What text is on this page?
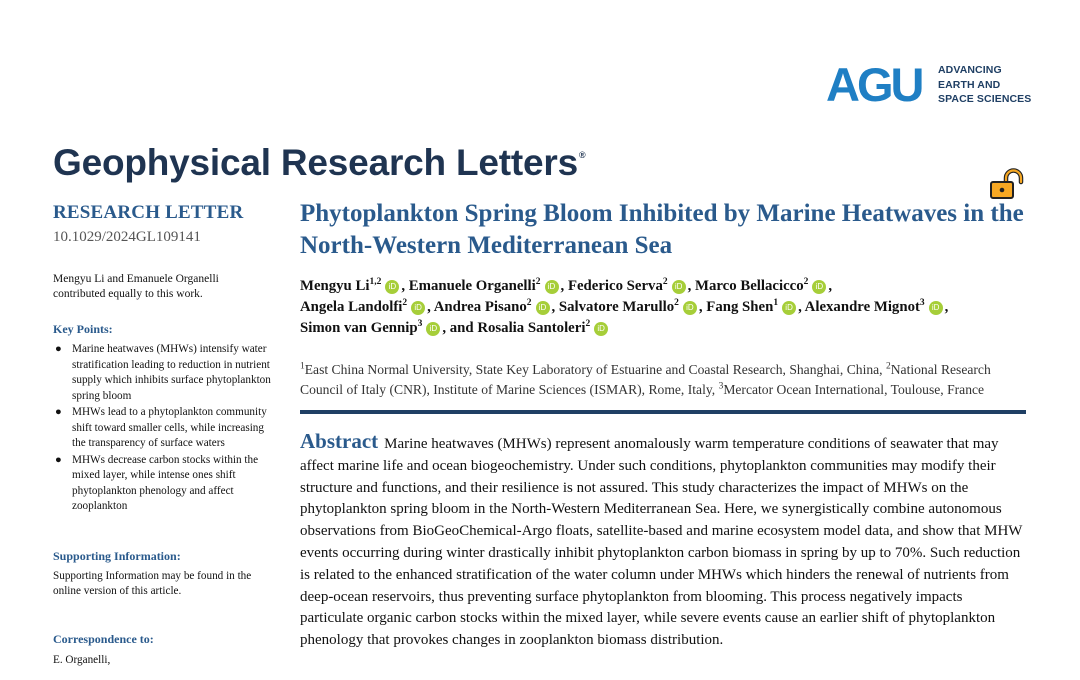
AGU ADVANCING
EARTH AND
SPACE SCIENCES
Geophysical Research Letters®
RESEARCH LETTER
10.1029/2024GL109141
Mengyu Li and Emanuele Organelli contributed equally to this work.
Key Points:
● Marine heatwaves (MHWs) intensify water stratification leading to reduction in nutrient supply which inhibits surface phytoplankton spring bloom
● MHWs lead to a phytoplankton community shift toward smaller cells, while increasing the transparency of surface waters
● MHWs decrease carbon stocks within the mixed layer, while intense ones shift phytoplankton phenology and affect zooplankton
Supporting Information:
Supporting Information may be found in the online version of this article.
Correspondence to:
E. Organelli,
Phytoplankton Spring Bloom Inhibited by Marine Heatwaves in the North-Western Mediterranean Sea
Mengyu Li$^{1,2}$ iD , Emanuele Organelli$^2$ iD , Federico Serva$^2$ iD , Marco Bellacicco$^2$ iD ,
Angela Landolfi$^2$ iD , Andrea Pisano$^2$ iD , Salvatore Marullo$^2$ iD , Fang Shen$^1$ iD , Alexandre Mignot$^3$ iD ,
Simon van Gennip$^3$ iD , and Rosalia Santoleri$^2$ iD
$^1$East China Normal University, State Key Laboratory of Estuarine and Coastal Research, Shanghai, China, $^2$National Research Council of Italy (CNR), Institute of Marine Sciences (ISMAR), Rome, Italy, $^3$Mercator Ocean International, Toulouse, France
Abstract Marine heatwaves (MHWs) represent anomalously warm temperature conditions of seawater that may affect marine life and ocean biogeochemistry. Under such conditions, phytoplankton communities may modify their structure and functions, and their resilience is not assured. This study characterizes the impact of MHWs on the phytoplankton spring bloom in the North-Western Mediterranean Sea. Here, we synergistically combine autonomous observations from BioGeoChemical-Argo floats, satellite-based and marine ecosystem model data, and show that MHW events occurring during winter drastically inhibit phytoplankton carbon biomass in spring by up to 70%. Such reduction is related to the enhanced stratification of the water column under MHWs which hinders the renewal of nutrients from deep-ocean reservoirs, thus preventing surface phytoplankton from blooming. This process negatively impacts particulate organic carbon stocks within the mixed layer, while severe events cause an earlier shift of phytoplankton phenology that provokes changes in zooplankton biomass distribution.
